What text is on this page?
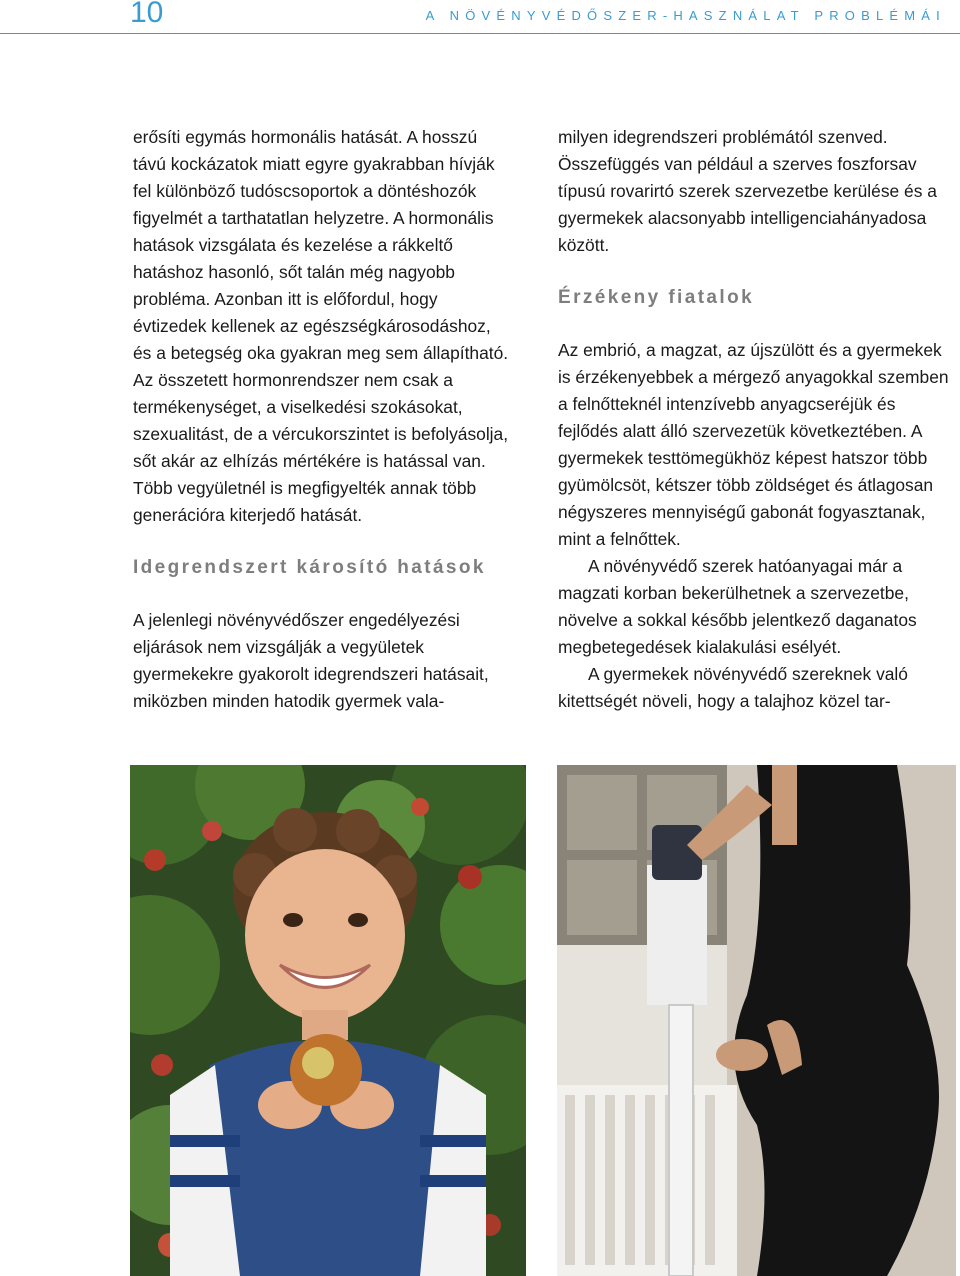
10	A NÖVÉNYVÉDŐSZER-HASZNÁLAT PROBLÉMÁI

erősíti egymás hormonális hatását. A hosszú távú kockázatok miatt egyre gyakrabban hívják fel különböző tudóscsoportok a döntéshozók figyelmét a tarthatatlan helyzetre. A hormonális hatások vizsgálata és kezelése a rákkeltő hatáshoz hasonló, sőt talán még nagyobb probléma. Azonban itt is előfordul, hogy évtizedek kellenek az egészségkárosodáshoz, és a betegség oka gyakran meg sem állapítható. Az összetett hormonrendszer nem csak a termékenységet, a viselkedési szokásokat, szexualitást, de a vércukorszintet is befolyásolja, sőt akár az elhízás mértékére is hatással van. Több vegyületnél is megfigyelték annak több generációra kiterjedő hatását.

Idegrendszert károsító hatások

A jelenlegi növényvédőszer engedélyezési eljárások nem vizsgálják a vegyületek gyermekekre gyakorolt idegrendszeri hatásait, miközben minden hatodik gyermek vala-

milyen idegrendszeri problémától szenved. Összefüggés van például a szerves foszforsav típusú rovarirtó szerek szervezetbe kerülése és a gyermekek alacsonyabb intelligenciahányadosa között.

Érzékeny fiatalok

Az embrió, a magzat, az újszülött és a gyermekek is érzékenyebbek a mérgező anyagokkal szemben a felnőtteknél intenzívebb anyagcseréjük és fejlődés alatt álló szervezetük következtében. A gyermekek testtömegükhöz képest hatszor több gyümölcsöt, kétszer több zöldséget és átlagosan négyszeres mennyiségű gabonát fogyasztanak, mint a felnőttek.

A növényvédő szerek hatóanyagai már a magzati korban bekerülhetnek a szervezetbe, növelve a sokkal később jelentkező daganatos megbetegedések kialakulási esélyét.

A gyermekek növényvédő szereknek való kitettségét növeli, hogy a talajhoz közel tar-
